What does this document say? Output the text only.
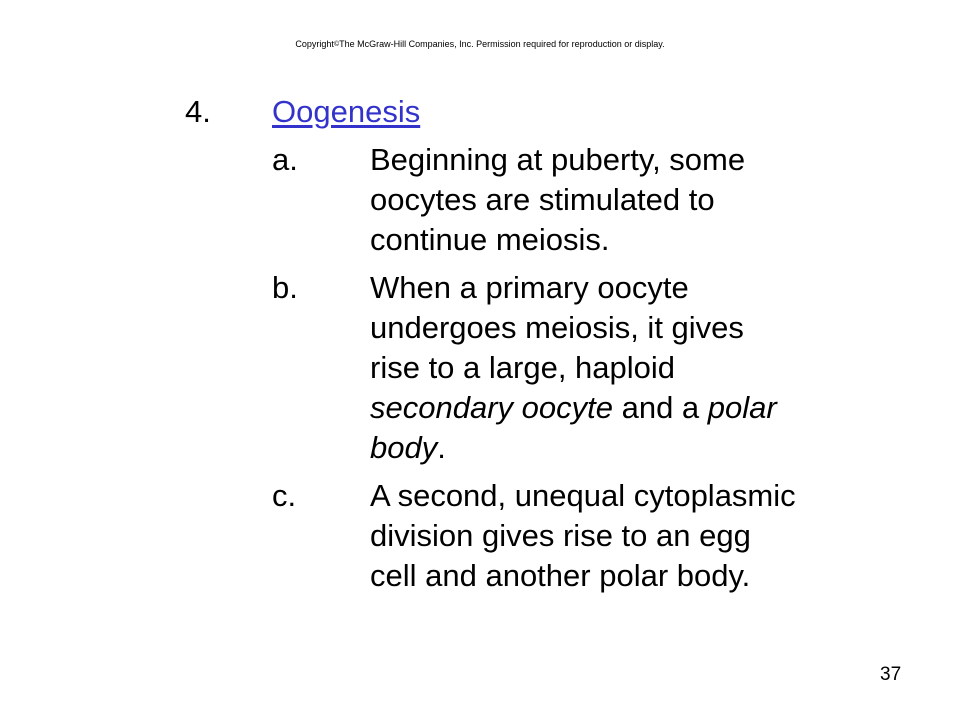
Copyright©The McGraw-Hill Companies, Inc. Permission required for reproduction or display.
4.	Oogenesis
a.	Beginning at puberty, some
oocytes are stimulated to
continue meiosis.
b.	When a primary oocyte
undergoes meiosis, it gives
rise to a large, haploid
secondary oocyte and a polar
body.
c.	A second, unequal cytoplasmic
division gives rise to an egg
cell and another polar body.
37
